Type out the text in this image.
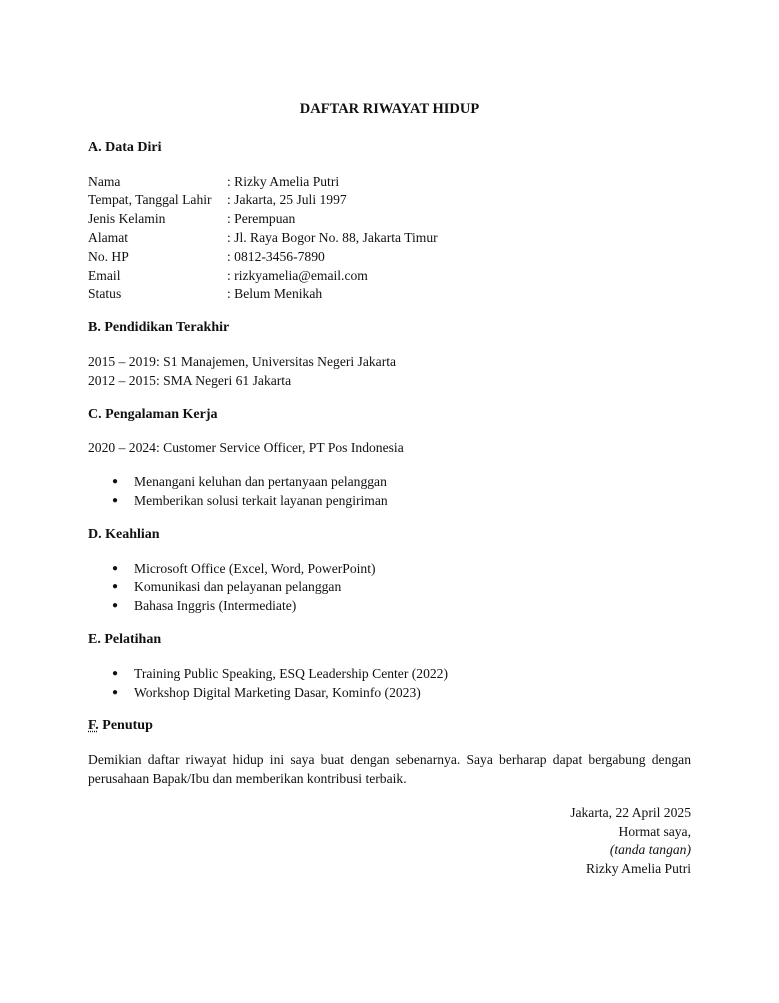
DAFTAR RIWAYAT HIDUP
A. Data Diri
Nama	: Rizky Amelia Putri
Tempat, Tanggal Lahir	: Jakarta, 25 Juli 1997
Jenis Kelamin	: Perempuan
Alamat	: Jl. Raya Bogor No. 88, Jakarta Timur
No. HP	: 0812-3456-7890
Email	: rizkyamelia@email.com
Status	: Belum Menikah
B. Pendidikan Terakhir
2015 – 2019: S1 Manajemen, Universitas Negeri Jakarta
2012 – 2015: SMA Negeri 61 Jakarta
C. Pengalaman Kerja
2020 – 2024: Customer Service Officer, PT Pos Indonesia
● Menangani keluhan dan pertanyaan pelanggan
● Memberikan solusi terkait layanan pengiriman
D. Keahlian
● Microsoft Office (Excel, Word, PowerPoint)
● Komunikasi dan pelayanan pelanggan
● Bahasa Inggris (Intermediate)
E. Pelatihan
● Training Public Speaking, ESQ Leadership Center (2022)
● Workshop Digital Marketing Dasar, Kominfo (2023)
F. Penutup
Demikian daftar riwayat hidup ini saya buat dengan sebenarnya. Saya berharap dapat bergabung dengan perusahaan Bapak/Ibu dan memberikan kontribusi terbaik.
Jakarta, 22 April 2025
Hormat saya,
(tanda tangan)
Rizky Amelia Putri
